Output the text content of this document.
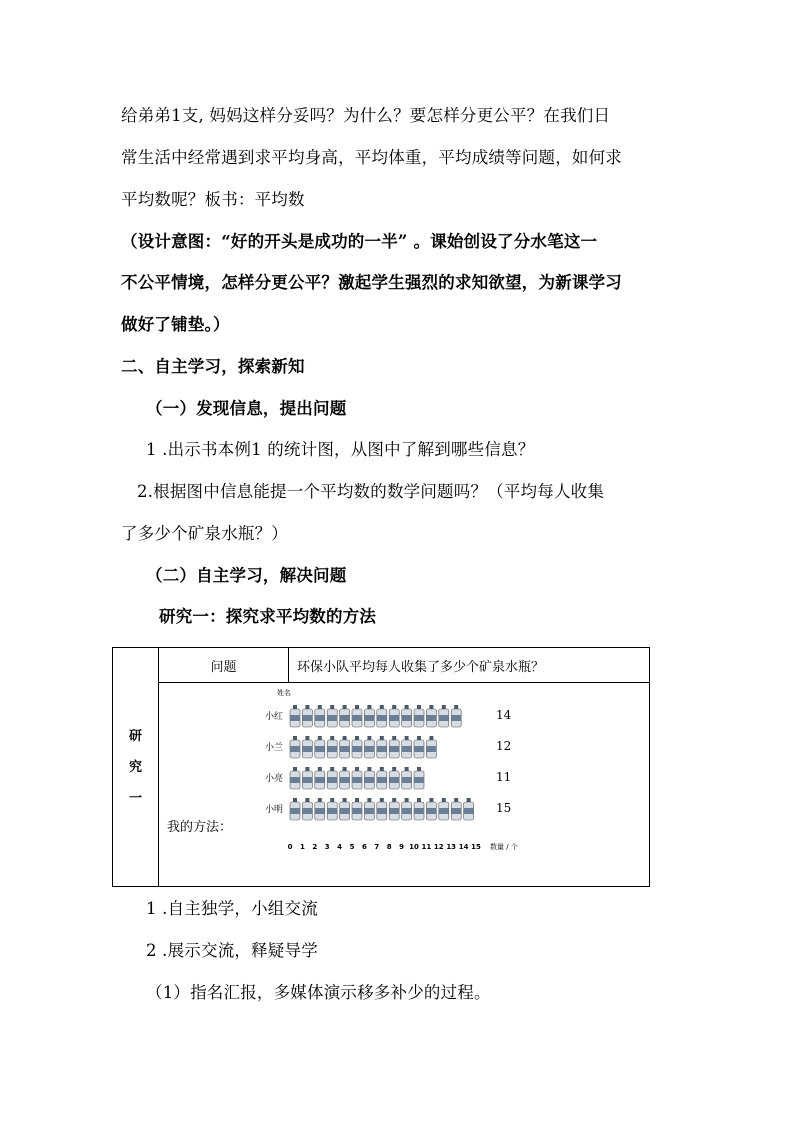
给弟弟1支, 妈妈这样分妥吗？为什么？要怎样分更公平？在我们日
常生活中经常遇到求平均身高，平均体重，平均成绩等问题，如何求
平均数呢？板书：平均数
（设计意图：“好的开头是成功的一半” 。课始创设了分水笔这一
不公平情境，怎样分更公平？激起学生强烈的求知欲望，为新课学习
做好了铺垫。）
二、自主学习，探索新知
（一）发现信息，提出问题
1 .出示书本例1 的统计图，从图中了解到哪些信息？
2.根据图中信息能提一个平均数的数学问题吗？（平均每人收集
了多少个矿泉水瓶？）
（二）自主学习，解决问题
研究一：探究求平均数的方法
研
究
一
	问题	环保小队平均每人收集了多少个矿泉水瓶？

姓名
小红	14
小兰	12
小亮	11
小明	15
0 1 2 3 4 5 6 7 8 9 10 11 12 13 14 15 数量 / 个
我的方法：
1 .自主独学，小组交流
2 .展示交流，释疑导学
（1）指名汇报，多媒体演示移多补少的过程。
